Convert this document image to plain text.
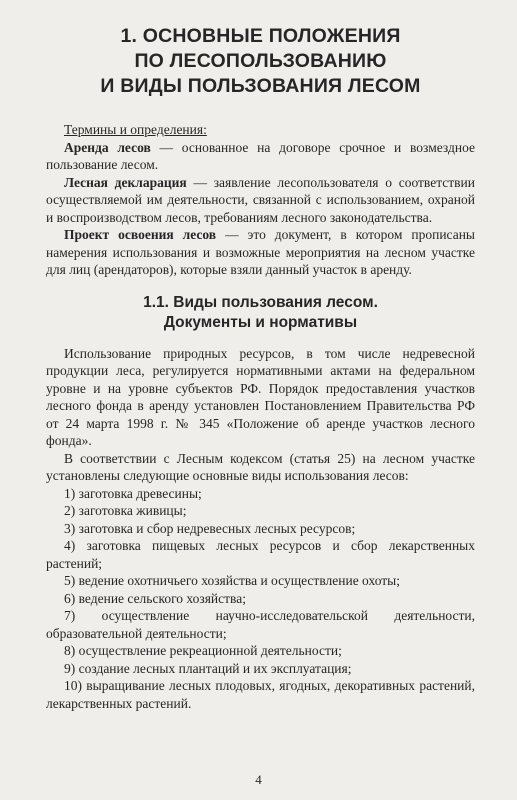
1. ОСНОВНЫЕ ПОЛОЖЕНИЯ
ПО ЛЕСОПОЛЬЗОВАНИЮ
И ВИДЫ ПОЛЬЗОВАНИЯ ЛЕСОМ
Термины и определения:

Аренда лесов — основанное на договоре срочное и возмездное пользование лесом.

Лесная декларация — заявление лесопользователя о соответствии осуществляемой им деятельности, связанной с использованием, охраной и воспроизводством лесов, требованиям лесного законодательства.

Проект освоения лесов — это документ, в котором прописаны намерения использования и возможные мероприятия на лесном участке для лиц (арендаторов), которые взяли данный участок в аренду.

1.1. Виды пользования лесом.
Документы и нормативы

Использование природных ресурсов, в том числе недревесной продукции леса, регулируется нормативными актами на федеральном уровне и на уровне субъектов РФ. Порядок предоставления участков лесного фонда в аренду установлен Постановлением Правительства РФ от 24 марта 1998 г. № 345 «Положение об аренде участков лесного фонда».

В соответствии с Лесным кодексом (статья 25) на лесном участке установлены следующие основные виды использования лесов:

1) заготовка древесины;
2) заготовка живицы;
3) заготовка и сбор недревесных лесных ресурсов;
4) заготовка пищевых лесных ресурсов и сбор лекарственных растений;
5) ведение охотничьего хозяйства и осуществление охоты;
6) ведение сельского хозяйства;
7) осуществление научно-исследовательской деятельности, образовательной деятельности;
8) осуществление рекреационной деятельности;
9) создание лесных плантаций и их эксплуатация;
10) выращивание лесных плодовых, ягодных, декоративных растений, лекарственных растений.
4
